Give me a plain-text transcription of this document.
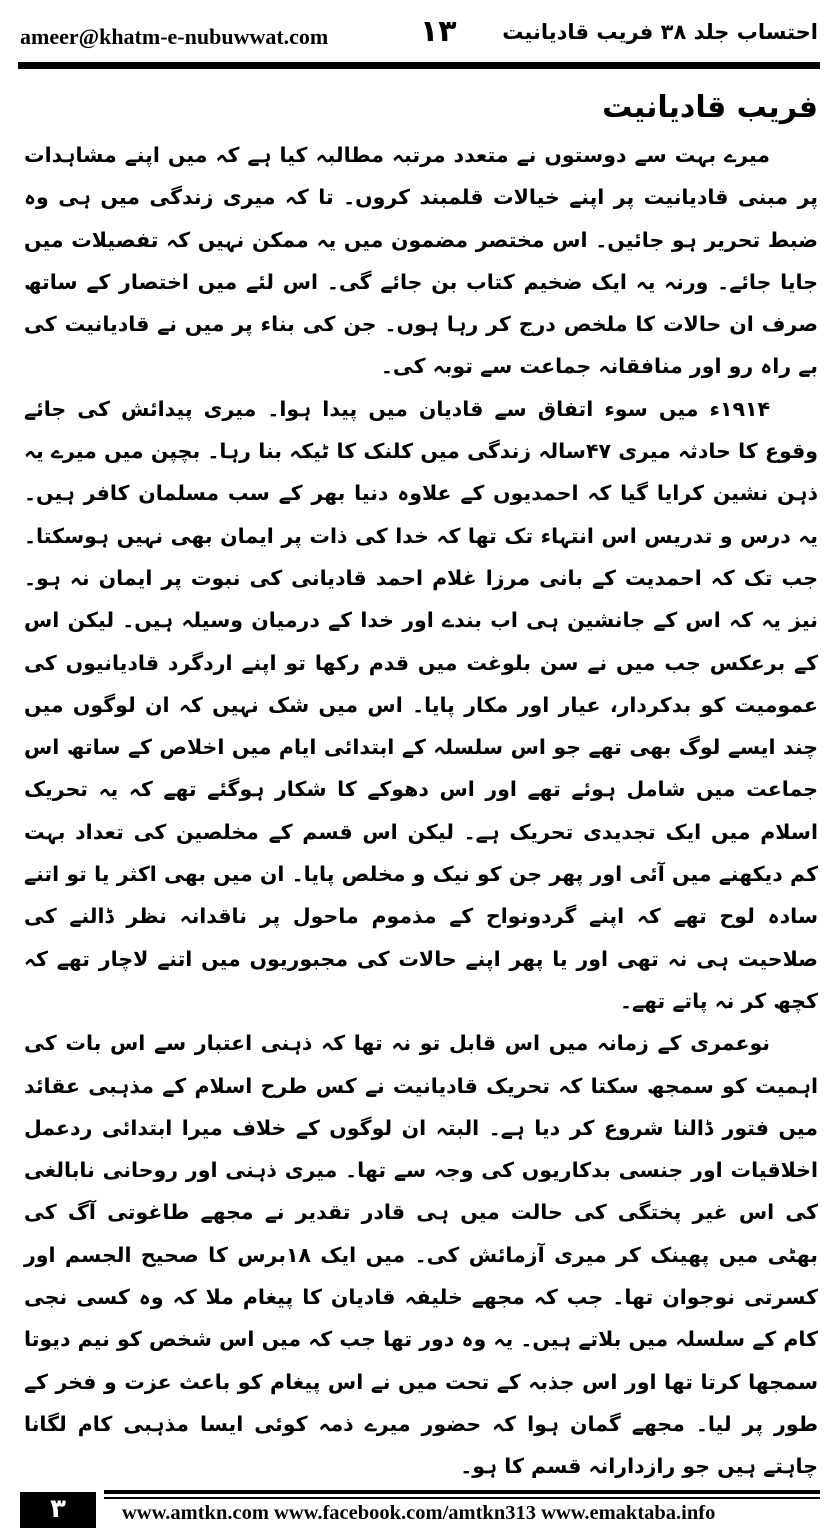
ameer@khatm-e-nubuwwat.com	۱۳ احتساب جلد ۳۸ فریب قادیانیت
فریب قادیانیت

میرے بہت سے دوستوں نے متعدد مرتبہ مطالبہ کیا ہے کہ میں اپنے مشاہدات پر مبنی قادیانیت پر اپنے خیالات قلمبند کروں۔ تا کہ میری زندگی میں ہی وہ ضبط تحریر ہو جائیں۔ اس مختصر مضمون میں یہ ممکن نہیں کہ تفصیلات میں جایا جائے۔ ورنہ یہ ایک ضخیم کتاب بن جائے گی۔ اس لئے میں اختصار کے ساتھ صرف ان حالات کا ملخص درج کر رہا ہوں۔ جن کی بناء پر میں نے قادیانیت کی بے راہ رو اور منافقانہ جماعت سے توبہ کی۔

۱۹۱۴ء میں سوء اتفاق سے قادیان میں پیدا ہوا۔ میری پیدائش کی جائے وقوع کا حادثہ میری ۴۷سالہ زندگی میں کلنک کا ٹیکہ بنا رہا۔ بچپن میں میرے یہ ذہن نشین کرایا گیا کہ احمدیوں کے علاوہ دنیا بھر کے سب مسلمان کافر ہیں۔ یہ درس و تدریس اس انتہاء تک تھا کہ خدا کی ذات پر ایمان بھی نہیں ہوسکتا۔ جب تک کہ احمدیت کے بانی مرزا غلام احمد قادیانی کی نبوت پر ایمان نہ ہو۔ نیز یہ کہ اس کے جانشین ہی اب بندے اور خدا کے درمیان وسیلہ ہیں۔ لیکن اس کے برعکس جب میں نے سن بلوغت میں قدم رکھا تو اپنے اردگرد قادیانیوں کی عمومیت کو بدکردار، عیار اور مکار پایا۔ اس میں شک نہیں کہ ان لوگوں میں چند ایسے لوگ بھی تھے جو اس سلسلہ کے ابتدائی ایام میں اخلاص کے ساتھ اس جماعت میں شامل ہوئے تھے اور اس دھوکے کا شکار ہوگئے تھے کہ یہ تحریک اسلام میں ایک تجدیدی تحریک ہے۔ لیکن اس قسم کے مخلصین کی تعداد بہت کم دیکھنے میں آئی اور پھر جن کو نیک و مخلص پایا۔ ان میں بھی اکثر یا تو اتنے سادہ لوح تھے کہ اپنے گردونواح کے مذموم ماحول پر ناقدانہ نظر ڈالنے کی صلاحیت ہی نہ تھی اور یا پھر اپنے حالات کی مجبوریوں میں اتنے لاچار تھے کہ کچھ کر نہ پاتے تھے۔

نوعمری کے زمانہ میں اس قابل تو نہ تھا کہ ذہنی اعتبار سے اس بات کی اہمیت کو سمجھ سکتا کہ تحریک قادیانیت نے کس طرح اسلام کے مذہبی عقائد میں فتور ڈالنا شروع کر دیا ہے۔ البتہ ان لوگوں کے خلاف میرا ابتدائی ردعمل اخلاقیات اور جنسی بدکاریوں کی وجہ سے تھا۔ میری ذہنی اور روحانی نابالغی کی اس غیر پختگی کی حالت میں ہی قادر تقدیر نے مجھے طاغوتی آگ کی بھٹی میں پھینک کر میری آزمائش کی۔ میں ایک ۱۸برس کا صحیح الجسم اور کسرتی نوجوان تھا۔ جب کہ مجھے خلیفہ قادیان کا پیغام ملا کہ وہ کسی نجی کام کے سلسلہ میں بلاتے ہیں۔ یہ وہ دور تھا جب کہ میں اس شخص کو نیم دیوتا سمجھا کرتا تھا اور اس جذبہ کے تحت میں نے اس پیغام کو باعث عزت و فخر کے طور پر لیا۔ مجھے گمان ہوا کہ حضور میرے ذمہ کوئی ایسا مذہبی کام لگانا چاہتے ہیں جو رازدارانہ قسم کا ہو۔

۳	www.amtkn.com www.facebook.com/amtkn313 www.emaktaba.info
